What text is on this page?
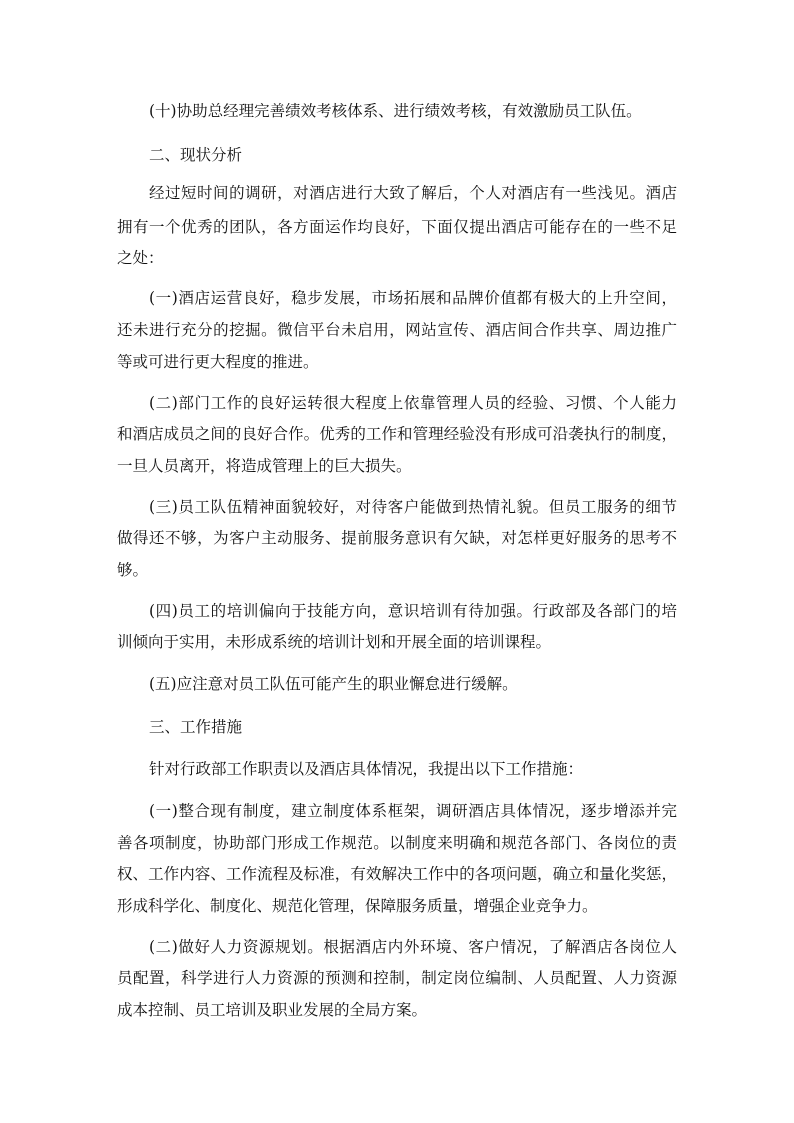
(十)协助总经理完善绩效考核体系、进行绩效考核，有效激励员工队伍。
二、现状分析
经过短时间的调研，对酒店进行大致了解后，个人对酒店有一些浅见。酒店
拥有一个优秀的团队，各方面运作均良好，下面仅提出酒店可能存在的一些不足
之处：
(一)酒店运营良好，稳步发展，市场拓展和品牌价值都有极大的上升空间，
还未进行充分的挖掘。微信平台未启用，网站宣传、酒店间合作共享、周边推广
等或可进行更大程度的推进。
(二)部门工作的良好运转很大程度上依靠管理人员的经验、习惯、个人能力
和酒店成员之间的良好合作。优秀的工作和管理经验没有形成可沿袭执行的制度，
一旦人员离开，将造成管理上的巨大损失。
(三)员工队伍精神面貌较好，对待客户能做到热情礼貌。但员工服务的细节
做得还不够，为客户主动服务、提前服务意识有欠缺，对怎样更好服务的思考不
够。
(四)员工的培训偏向于技能方向，意识培训有待加强。行政部及各部门的培
训倾向于实用，未形成系统的培训计划和开展全面的培训课程。
(五)应注意对员工队伍可能产生的职业懈怠进行缓解。
三、工作措施
针对行政部工作职责以及酒店具体情况，我提出以下工作措施：
(一)整合现有制度，建立制度体系框架，调研酒店具体情况，逐步增添并完
善各项制度，协助部门形成工作规范。以制度来明确和规范各部门、各岗位的责
权、工作内容、工作流程及标准，有效解决工作中的各项问题，确立和量化奖惩，
形成科学化、制度化、规范化管理，保障服务质量，增强企业竞争力。
(二)做好人力资源规划。根据酒店内外环境、客户情况，了解酒店各岗位人
员配置，科学进行人力资源的预测和控制，制定岗位编制、人员配置、人力资源
成本控制、员工培训及职业发展的全局方案。
